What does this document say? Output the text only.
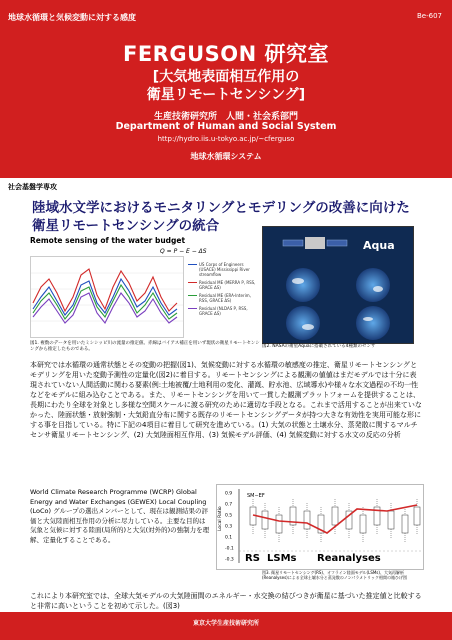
地球水循環と気候変動に対する感度	Be-607
FERGUSON 研究室
[大気地表面相互作用の
衛星リモートセンシング]
生産技術研究所　人間・社会系部門
Department of Human and Social System
http://hydro.iis.u-tokyo.ac.jp/~cferguso
地球水循環システム
社会基盤学専攻
陸域水文学におけるモニタリングとモデリングの改善に向けた
衛星リモートセンシングの統合
Remote sensing of the water budget
Q = P − E − ΔS
US Corps of Engineers (USACE) Mississippi River streamflow
Residual ME (MERRA P, RSS, GRACE ΔS)
Residual ME (ERA-Interim, RSS, GRACE ΔS)
Residual (NLDAS P, RSS, GRACE ΔS)
図1. 複数のデータを用いたミシシッピ川の流量の推定値。赤線はバイアス補正を用いず現状の衛星リモートセンシングから推定したものである。
Aqua
図2. NASAの衛星Aquaに搭載されている4種類のセンサ
本研究では水循環の通常状態とその変動の把握(図1)、気候変動に対する水循環の敏感度の推定、衛星リモートセンシングとモデリングを用いた変動予測性の定量化(図2)に着目する。リモートセンシングによる観測の値値はまだモデルでは十分に表現されていない人間活動に関わる要素(例:土地被覆/土地利用の変化、灌漑、貯水池、広域導水)や様々な水文過程の不均一性などをモデルに組み込むことである。また、リモートセンシングを用いて一貫した観測プラットフォームを提供することは、長期にわたり全球を対象とし多様な空間スケールに渡る研究のために適切な手段となる。これまで活用することが出来ていなかった、陸面状態・放射強制・大気鉛直分布に関する既存のリモートセンシングデータが持つ大きな有効性を実用可能な形にする事を目指している。特に下記の4項目に着目して研究を進めている。(1) 大気の状態と土壌水分、蒸発散に関するマルチセンサ衛星リモートセンシング、(2) 大気陸面相互作用、(3) 気候モデル評価、(4) 気候変動に対する水文の反応の分析
World Climate Research Programme (WCRP) Global Energy and Water Exchanges (GEWEX) Local Coupling (LoCo) グループの選出メンバーとして、現在は観測結果の評価と大気陸面相互作用の分析に尽力している。主要な目的は気象と気候に対する陸面(局所的)と大気(対外的)の強制力を理解、定量化することである。
Local Ratio
0.9
0.7
0.5
0.3
0.1
-0.1
-0.3
SM−EF
RS LSMs Reanalyses
図3. 衛星リモートセンシング(RS)、オフライン陸面モデル(LSMs)、大気再解析(Reanalyses)による全球土壌水分と蒸発散のノンパラメトリック相関の箱ひげ図
これにより本研究室では、全球大気モデルの大気陸面間のエネルギー・水交換の結びつきが衛星に基づいた推定値と比較すると非常に高いということを初めて示した。(図3)
東京大学生産技術研究所
